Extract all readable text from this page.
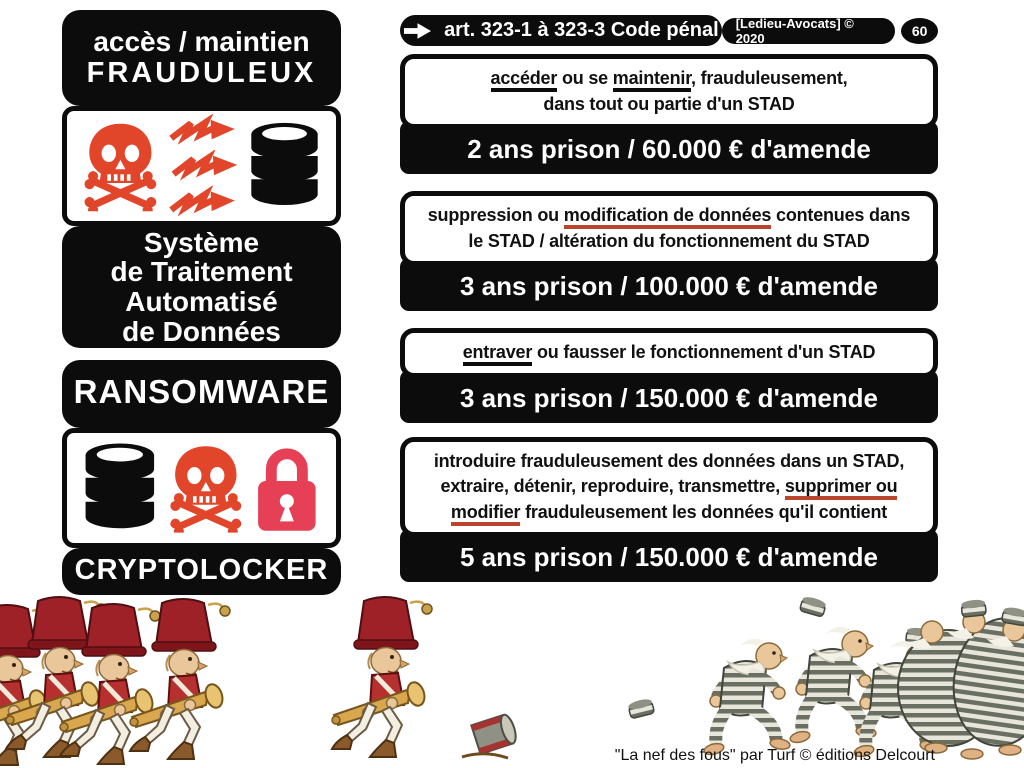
accès / maintien
FRAUDULEUX
Système
de Traitement
Automatisé
de Données
RANSOMWARE
CRYPTOLOCKER
art. 323-1 à 323-3 Code pénal	[Ledieu-Avocats] © 2020	60
accéder ou se maintenir, frauduleusement,
dans tout ou partie d'un STAD
2 ans prison / 60.000 € d'amende
suppression ou modification de données contenues dans
le STAD / altération du fonctionnement du STAD
3 ans prison / 100.000 € d'amende
entraver ou fausser le fonctionnement d'un STAD
3 ans prison / 150.000 € d'amende
introduire frauduleusement des données dans un STAD,
extraire, détenir, reproduire, transmettre, supprimer ou
modifier frauduleusement les données qu'il contient
5 ans prison / 150.000 € d'amende
"La nef des fous" par Turf © éditions Delcourt
